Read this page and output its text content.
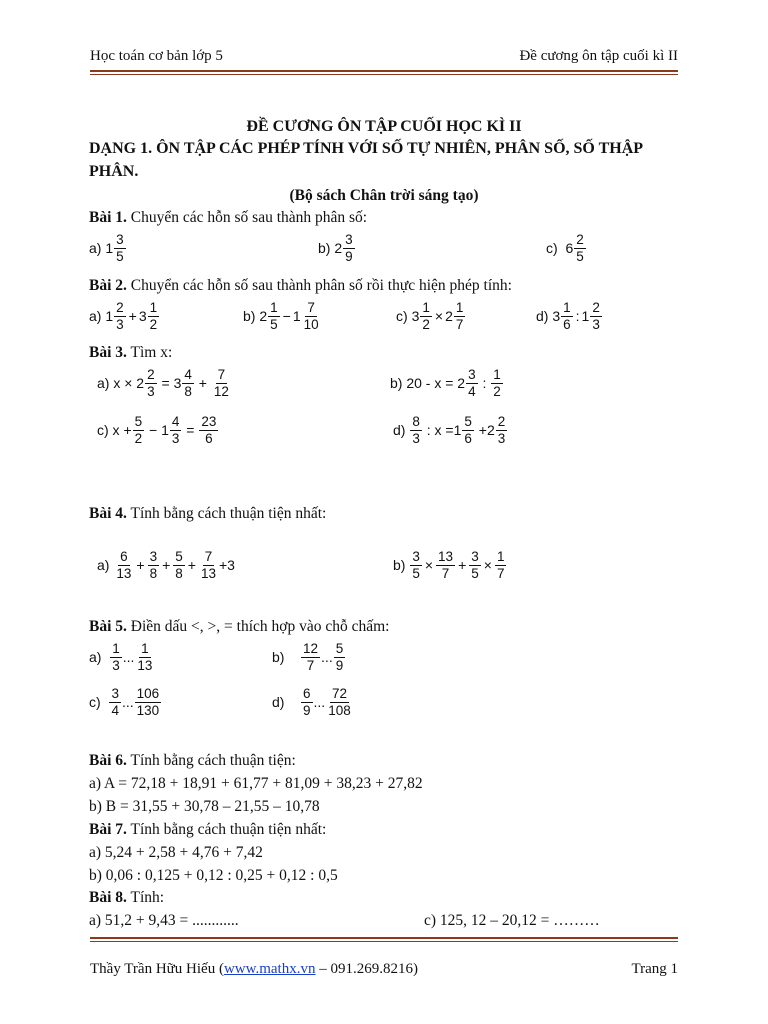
Học toán cơ bản lớp 5	Đề cương ôn tập cuối kì II
ĐỀ CƯƠNG ÔN TẬP CUỐI HỌC KÌ II
DẠNG 1. ÔN TẬP CÁC PHÉP TÍNH VỚI SỐ TỰ NHIÊN, PHÂN SỐ, SỐ THẬP
PHÂN.
(Bộ sách Chân trời sáng tạo)
Bài 1. Chuyển các hỗn số sau thành phân số:
a)
$1 \frac{3}{5}$	b)
$2 \frac{3}{9}$	c)
$6 \frac{2}{5}$
Bài 2. Chuyển các hỗn số sau thành phân số rồi thực hiện phép tính:
a)
$1 \frac{2}{3} + 3 \frac{1}{2}$	b)
$2 \frac{1}{5} - 1 \frac{7}{10}$	c)
$3 \frac{1}{2} \times 2 \frac{1}{7}$	d)
$3 \frac{1}{6}$ : $1 \frac{2}{3}$
Bài 3. Tìm x:
a) $x \times 2 \frac{2}{3} = 3 \frac{4}{8} + \frac{7}{12}$	b) $20 - x = 2 \frac{3}{4}$ : $\frac{1}{2}$
c) $x + \frac{5}{2} - 1 \frac{4}{3} = \frac{23}{6}$	$d) \frac{8}{3}$ : $x =1 \frac{5}{6} +2 \frac{2}{3}$
Bài 4. Tính bằng cách thuận tiện nhất:
$a) \frac{6}{13} + \frac{3}{8} + \frac{5}{8} + \frac{7}{13} +3$	$b) \frac{3}{5} \times \frac{13}{7} + \frac{3}{5} \times \frac{1}{7}$
Bài 5. Điền dấu <, >, = thích hợp vào chỗ chấm:
a)
$\frac{1}{3}$ ... $\frac{1}{13}$	b)
$\frac{12}{7}$ ... $\frac{5}{9}$
c)
$\frac{3}{4}$ ... $\frac{106}{130}$	d)
$\frac{6}{9}$ ... $\frac{72}{108}$
Bài 6. Tính bằng cách thuận tiện:
a) A = 72,18 + 18,91 + 61,77 + 81,09 + 38,23 + 27,82
b) B = 31,55 + 30,78 – 21,55 – 10,78
Bài 7. Tính bằng cách thuận tiện nhất:
a) 5,24 + 2,58 + 4,76 + 7,42
b) 0,06 : 0,125 + 0,12 : 0,25 + 0,12 : 0,5
Bài 8. Tính:
a) 51,2 + 9,43 = ............	c) 125, 12 – 20,12 = ………
Thầy Trần Hữu Hiếu (www.mathx.vn – 091.269.8216)	Trang 1
